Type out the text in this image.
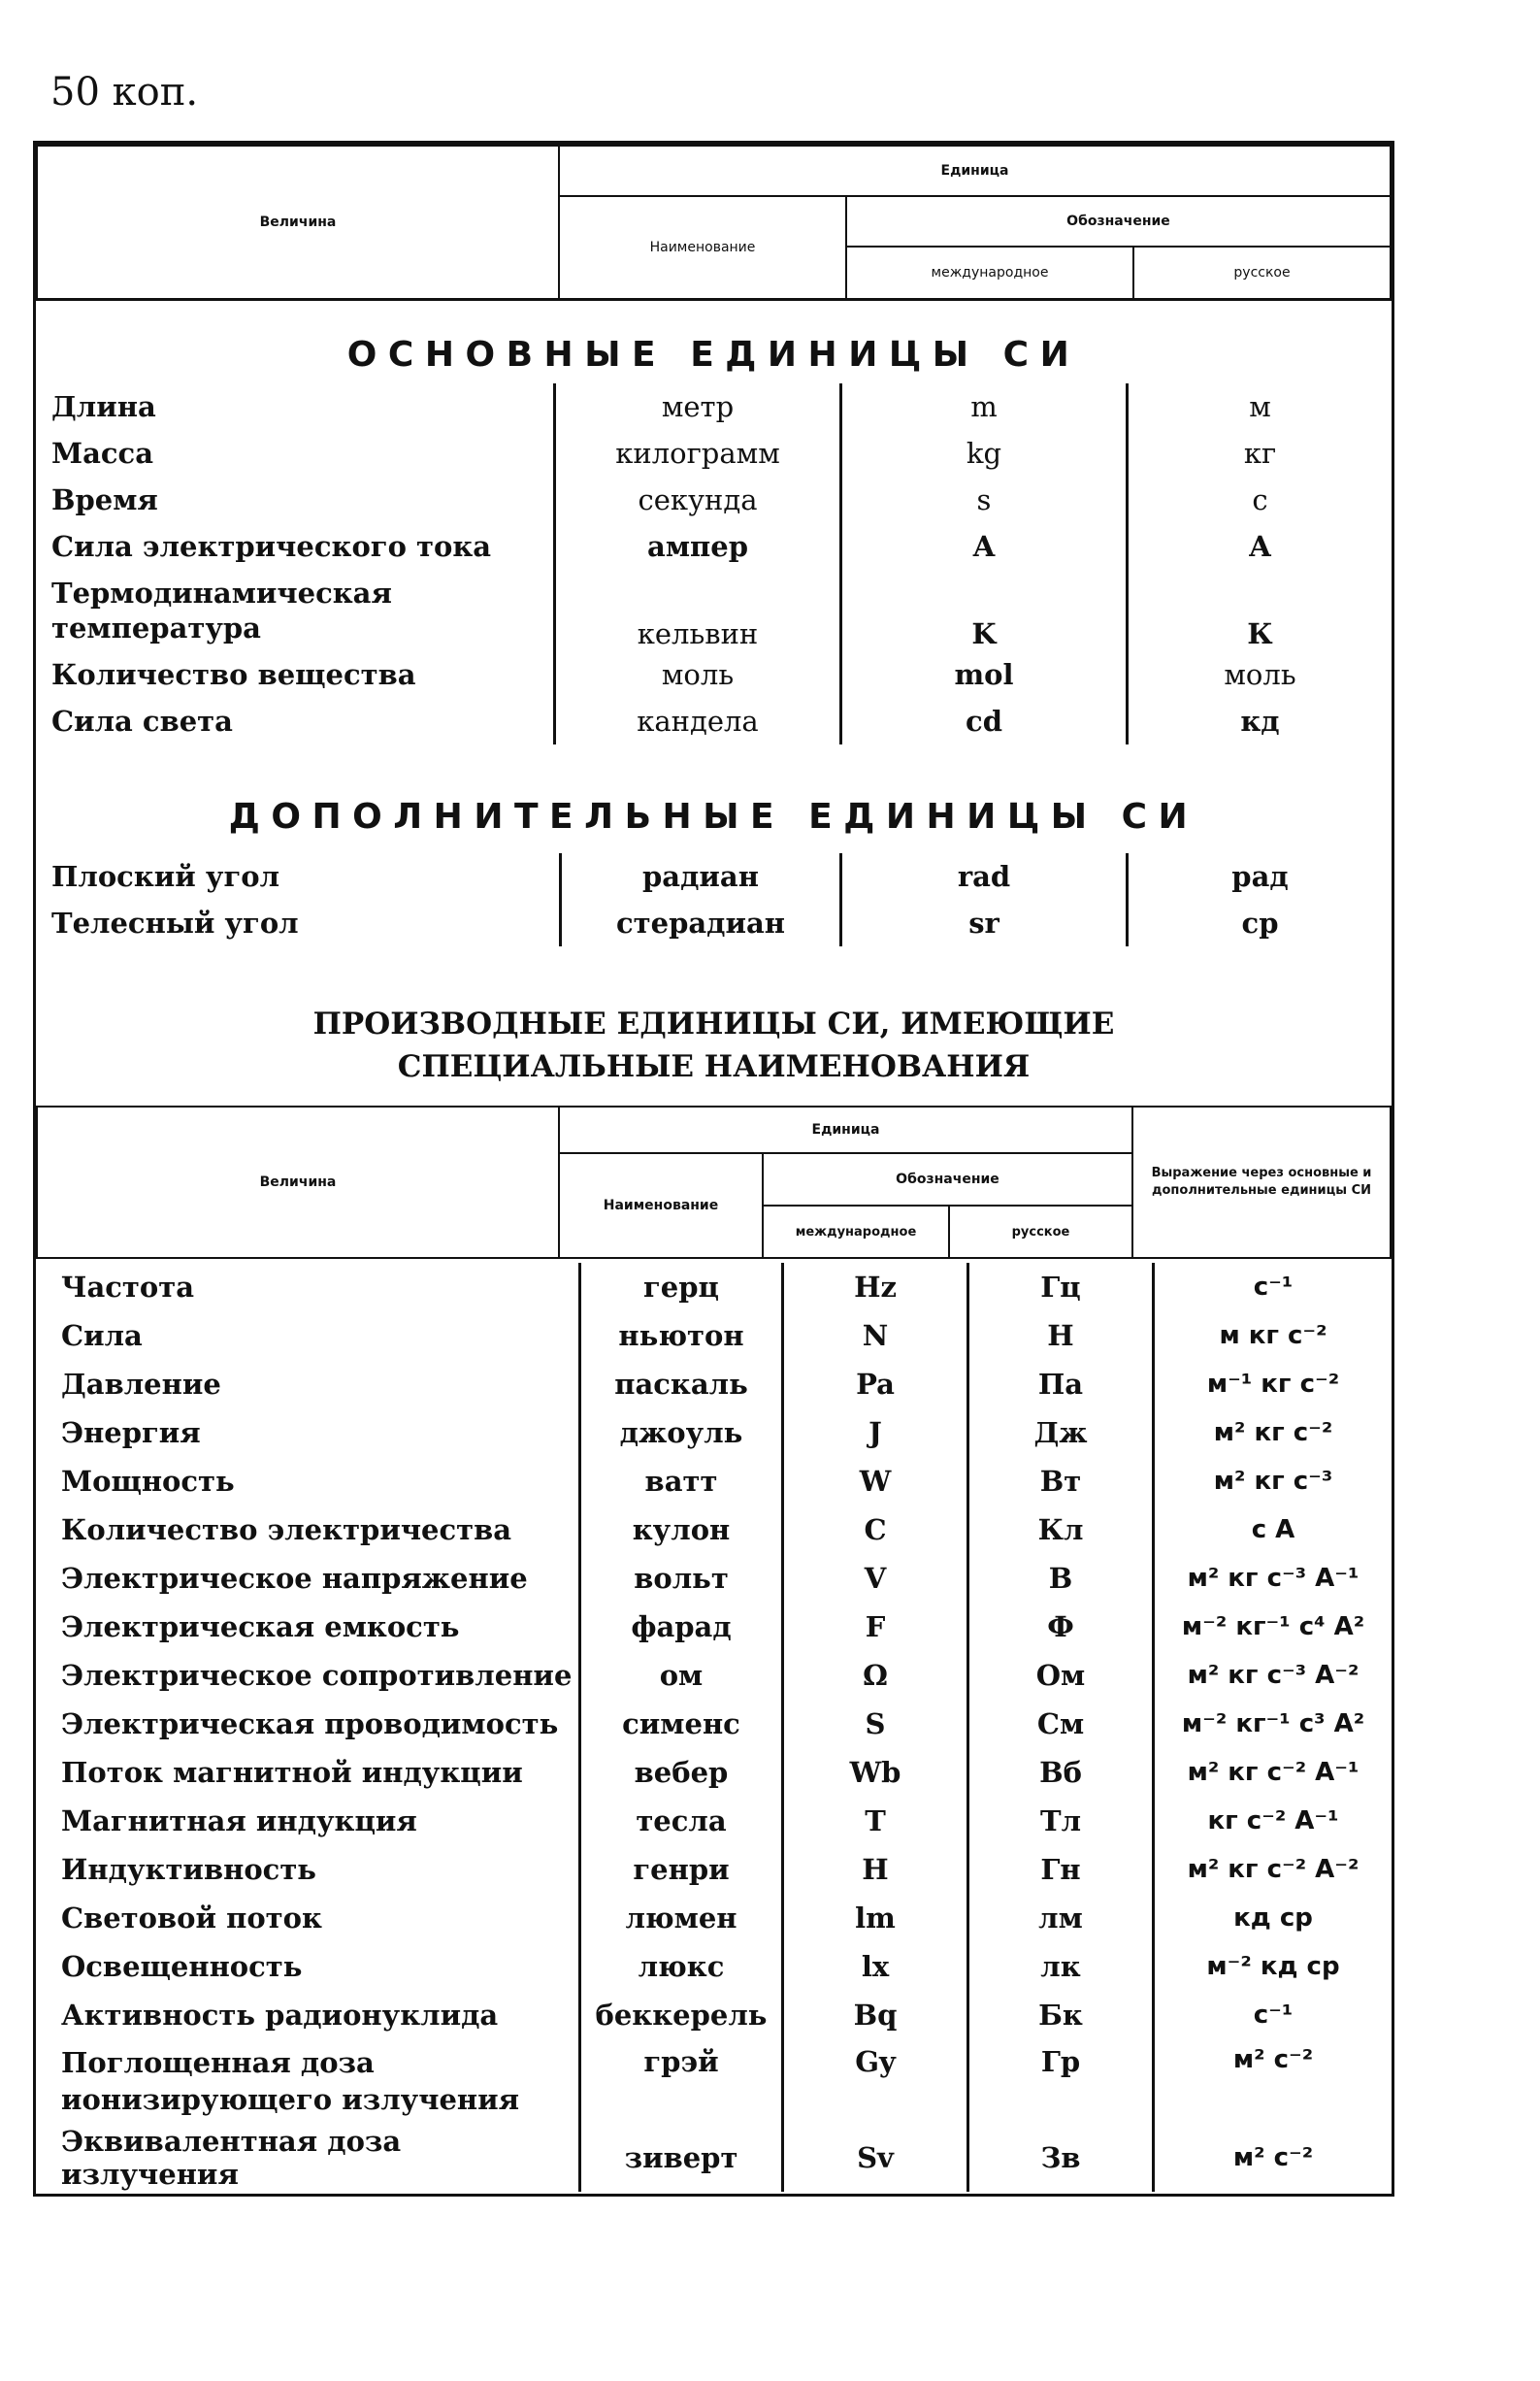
50 коп.
Величина	Единица		
	Наименование	Обозначение	
		международное	русское
ОСНОВНЫЕ ЕДИНИЦЫ СИ
Длина	метр	m	м
Масса	килограмм	kg	кг
Время	секунда	s	с
Сила электрического тока	ампер	A	А
Термодинамическая температура	кельвин	K	К
Количество вещества	моль	mol	моль
Сила света	кандела	cd	кд
ДОПОЛНИТЕЛЬНЫЕ ЕДИНИЦЫ СИ
Плоский угол	радиан	rad	рад
Телесный угол	стерадиан	sr	ср
ПРОИЗВОДНЫЕ ЕДИНИЦЫ СИ, ИМЕЮЩИЕ СПЕЦИАЛЬНЫЕ НАИМЕНОВАНИЯ
Величина	Единица			Выражение через основные и дополнительные единицы СИ
	Наименование	Обозначение		
		международное	русское	
Частота	герц	Hz	Гц	с⁻¹
Сила	ньютон	N	Н	м кг с⁻²
Давление	паскаль	Pa	Па	м⁻¹ кг с⁻²
Энергия	джоуль	J	Дж	м² кг с⁻²
Мощность	ватт	W	Вт	м² кг с⁻³
Количество электричества	кулон	C	Кл	с А
Электрическое напряжение	вольт	V	В	м² кг с⁻³ А⁻¹
Электрическая емкость	фарад	F	Ф	м⁻² кг⁻¹ с⁴ А²
Электрическое сопротивление	ом	Ω	Ом	м² кг с⁻³ А⁻²
Электрическая проводимость	сименс	S	См	м⁻² кг⁻¹ с³ А²
Поток магнитной индукции	вебер	Wb	Вб	м² кг с⁻² А⁻¹
Магнитная индукция	тесла	T	Тл	кг с⁻² А⁻¹
Индуктивность	генри	H	Гн	м² кг с⁻² А⁻²
Световой поток	люмен	lm	лм	кд ср
Освещенность	люкс	lx	лк	м⁻² кд ср
Активность радионуклида	беккерель	Bq	Бк	с⁻¹
Поглощенная доза ионизирующего излучения	грэй	Gy	Гр	м² с⁻²
Эквивалентная доза излучения	зиверт	Sv	Зв	м² с⁻²
